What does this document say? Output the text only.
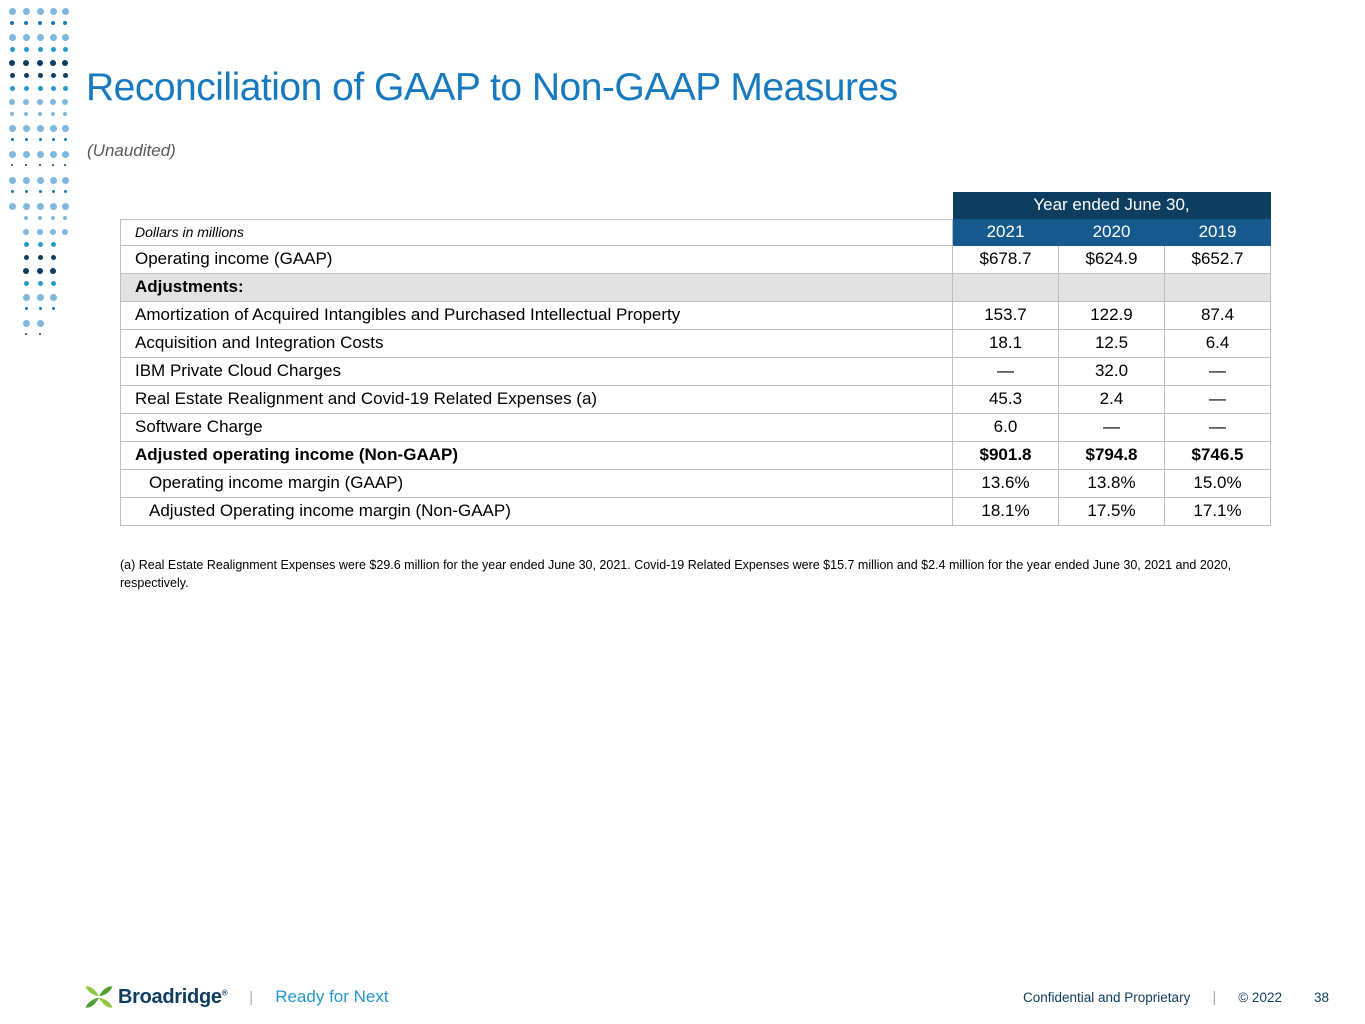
Reconciliation of GAAP to Non-GAAP Measures
(Unaudited)
	Year ended June 30,		
Dollars in millions	2021	2020	2019
Operating income (GAAP)	$678.7	$624.9	$652.7
Adjustments:			
Amortization of Acquired Intangibles and Purchased Intellectual Property	153.7	122.9	87.4
Acquisition and Integration Costs	18.1	12.5	6.4
IBM Private Cloud Charges	—	32.0	—
Real Estate Realignment and Covid-19 Related Expenses (a)	45.3	2.4	—
Software Charge	6.0	—	—
Adjusted operating income (Non-GAAP)	$901.8	$794.8	$746.5
Operating income margin (GAAP)	13.6%	13.8%	15.0%
Adjusted Operating income margin (Non-GAAP)	18.1%	17.5%	17.1%
(a) Real Estate Realignment Expenses were $29.6 million for the year ended June 30, 2021. Covid-19 Related Expenses were $15.7 million and $2.4 million for the year ended June 30, 2021 and 2020, respectively.
Broadridge® | Ready for Next	Confidential and Proprietary | © 2022 38
